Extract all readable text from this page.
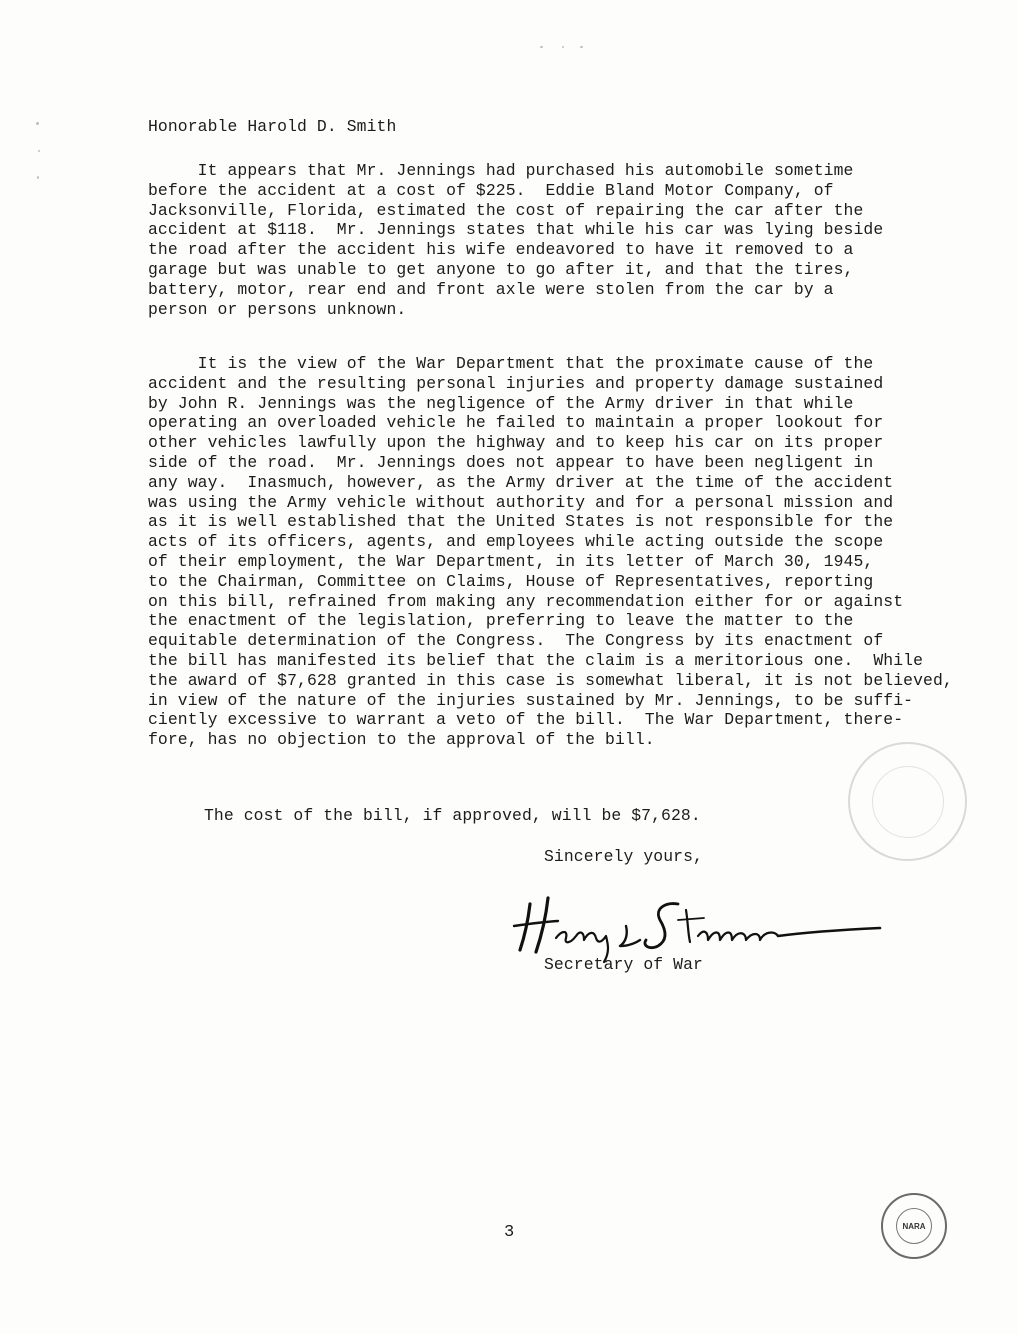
Honorable Harold D. Smith
It appears that Mr. Jennings had purchased his automobile sometime
before the accident at a cost of $225.  Eddie Bland Motor Company, of
Jacksonville, Florida, estimated the cost of repairing the car after the
accident at $118.  Mr. Jennings states that while his car was lying beside
the road after the accident his wife endeavored to have it removed to a
garage but was unable to get anyone to go after it, and that the tires,
battery, motor, rear end and front axle were stolen from the car by a
person or persons unknown.
It is the view of the War Department that the proximate cause of the
accident and the resulting personal injuries and property damage sustained
by John R. Jennings was the negligence of the Army driver in that while
operating an overloaded vehicle he failed to maintain a proper lookout for
other vehicles lawfully upon the highway and to keep his car on its proper
side of the road.  Mr. Jennings does not appear to have been negligent in
any way.  Inasmuch, however, as the Army driver at the time of the accident
was using the Army vehicle without authority and for a personal mission and
as it is well established that the United States is not responsible for the
acts of its officers, agents, and employees while acting outside the scope
of their employment, the War Department, in its letter of March 30, 1945,
to the Chairman, Committee on Claims, House of Representatives, reporting
on this bill, refrained from making any recommendation either for or against
the enactment of the legislation, preferring to leave the matter to the
equitable determination of the Congress.  The Congress by its enactment of
the bill has manifested its belief that the claim is a meritorious one.  While
the award of $7,628 granted in this case is somewhat liberal, it is not believed,
in view of the nature of the injuries sustained by Mr. Jennings, to be suffi-
ciently excessive to warrant a veto of the bill.  The War Department, there-
fore, has no objection to the approval of the bill.
The cost of the bill, if approved, will be $7,628.
Sincerely yours,
Secretary of War
3	NARA
